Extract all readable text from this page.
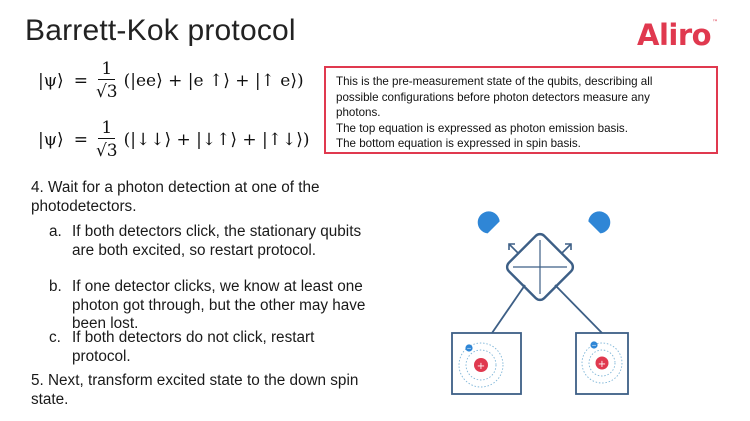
Barrett-Kok protocol	Aliro™
|ψ⟩ = $\frac{1}{√3}$ (|ee⟩ + |e ↑⟩ + |↑ e⟩)
|ψ⟩ = $\frac{1}{√3}$ (|↓↓⟩ + |↓↑⟩ + |↑↓⟩)
This is the pre-measurement state of the qubits, describing all
possible configurations before photon detectors measure any
photons.
The top equation is expressed as photon emission basis.
The bottom equation is expressed in spin basis.
4. Wait for a photon detection at one of the photodetectors.
a. If both detectors click, the stationary qubits are both excited, so restart protocol.
b. If one detector clicks, we know at least one photon got through, but the other may have been lost.
c. If both detectors do not click, restart protocol.
5. Next, transform excited state to the down spin state.
+
−
+
−
